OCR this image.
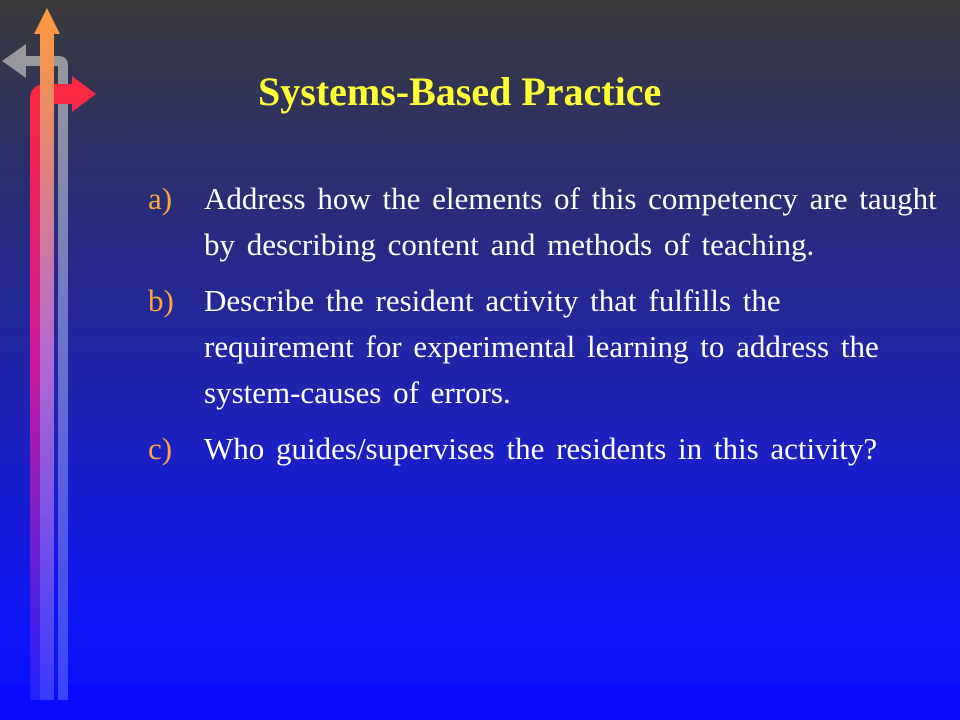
Systems-Based Practice
a)	Address how the elements of this competency are taught by describing content and methods of teaching.
b) Describe the resident activity that fulfills the requirement for experimental learning to address the system-causes of errors.
c)	Who guides/supervises the residents in this activity?
